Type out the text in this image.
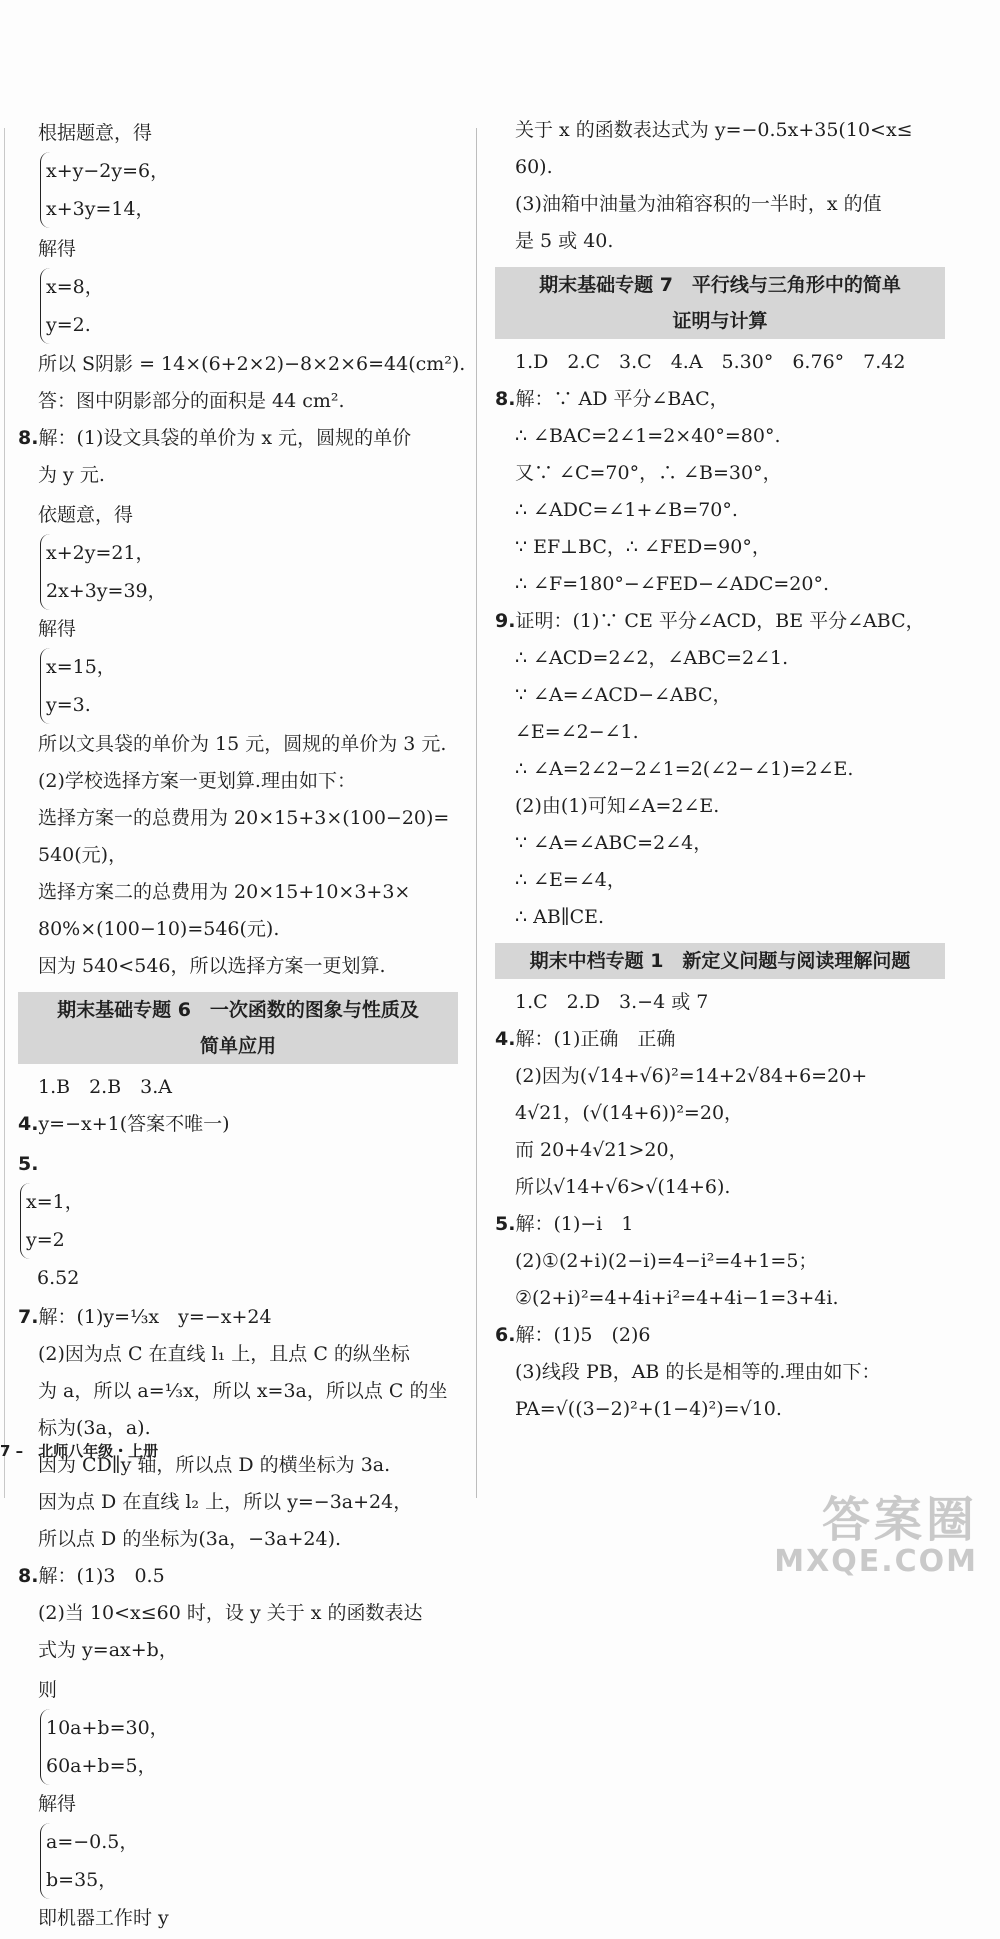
根据题意，得
x+y−2y=6，
x+3y=14，
解得
x=8，
y=2.
所以 S阴影 = 14×(6+2×2)−8×2×6=44(cm²).
答：图中阴影部分的面积是 44 cm².
8.解：(1)设文具袋的单价为 x 元，圆规的单价
为 y 元.
依题意，得
x+2y=21，
2x+3y=39，
解得
x=15，
y=3.
所以文具袋的单价为 15 元，圆规的单价为 3 元.
(2)学校选择方案一更划算.理由如下：
选择方案一的总费用为 20×15+3×(100−20)=
540(元)，
选择方案二的总费用为 20×15+10×3+3×
80%×(100−10)=546(元).
因为 540<546，所以选择方案一更划算.
期末基础专题 6　一次函数的图象与性质及
简单应用
1.B　2.B　3.A
4.y=−x+1(答案不唯一)
5.
x=1，
y=2
　6.52
7.解：(1)y=⅓x　y=−x+24
(2)因为点 C 在直线 l₁ 上，且点 C 的纵坐标
为 a，所以 a=⅓x，所以 x=3a，所以点 C 的坐
标为(3a，a).
因为 CD∥y 轴，所以点 D 的横坐标为 3a.
因为点 D 在直线 l₂ 上，所以 y=−3a+24，
所以点 D 的坐标为(3a，−3a+24).
8.解：(1)3　0.5
(2)当 10<x≤60 时，设 y 关于 x 的函数表达
式为 y=ax+b，
则
10a+b=30，
60a+b=5，
解得
a=−0.5，
b=35，
即机器工作时 y
关于 x 的函数表达式为 y=−0.5x+35(10<x≤
60).
(3)油箱中油量为油箱容积的一半时，x 的值
是 5 或 40.
期末基础专题 7　平行线与三角形中的简单
证明与计算
1.D　2.C　3.C　4.A　5.30°　6.76°　7.42
8.解：∵ AD 平分∠BAC，
∴ ∠BAC=2∠1=2×40°=80°.
又∵ ∠C=70°，∴ ∠B=30°，
∴ ∠ADC=∠1+∠B=70°.
∵ EF⊥BC，∴ ∠FED=90°，
∴ ∠F=180°−∠FED−∠ADC=20°.
9.证明：(1)∵ CE 平分∠ACD，BE 平分∠ABC，
∴ ∠ACD=2∠2，∠ABC=2∠1.
∵ ∠A=∠ACD−∠ABC，
∠E=∠2−∠1.
∴ ∠A=2∠2−2∠1=2(∠2−∠1)=2∠E.
(2)由(1)可知∠A=2∠E.
∵ ∠A=∠ABC=2∠4，
∴ ∠E=∠4，
∴ AB∥CE.
期末中档专题 1　新定义问题与阅读理解问题
1.C　2.D　3.−4 或 7
4.解：(1)正确　正确
(2)因为(√14+√6)²=14+2√84+6=20+
4√21，(√(14+6))²=20，
而 20+4√21>20，
所以√14+√6>√(14+6).
5.解：(1)−i　1
(2)①(2+i)(2−i)=4−i²=4+1=5；
②(2+i)²=4+4i+i²=4+4i−1=3+4i.
6.解：(1)5　(2)6
(3)线段 PB，AB 的长是相等的.理由如下：
PA=√((3−2)²+(1−4)²)=√10.
7 –　北师八年级・上册
答案圈
MXQE.COM
